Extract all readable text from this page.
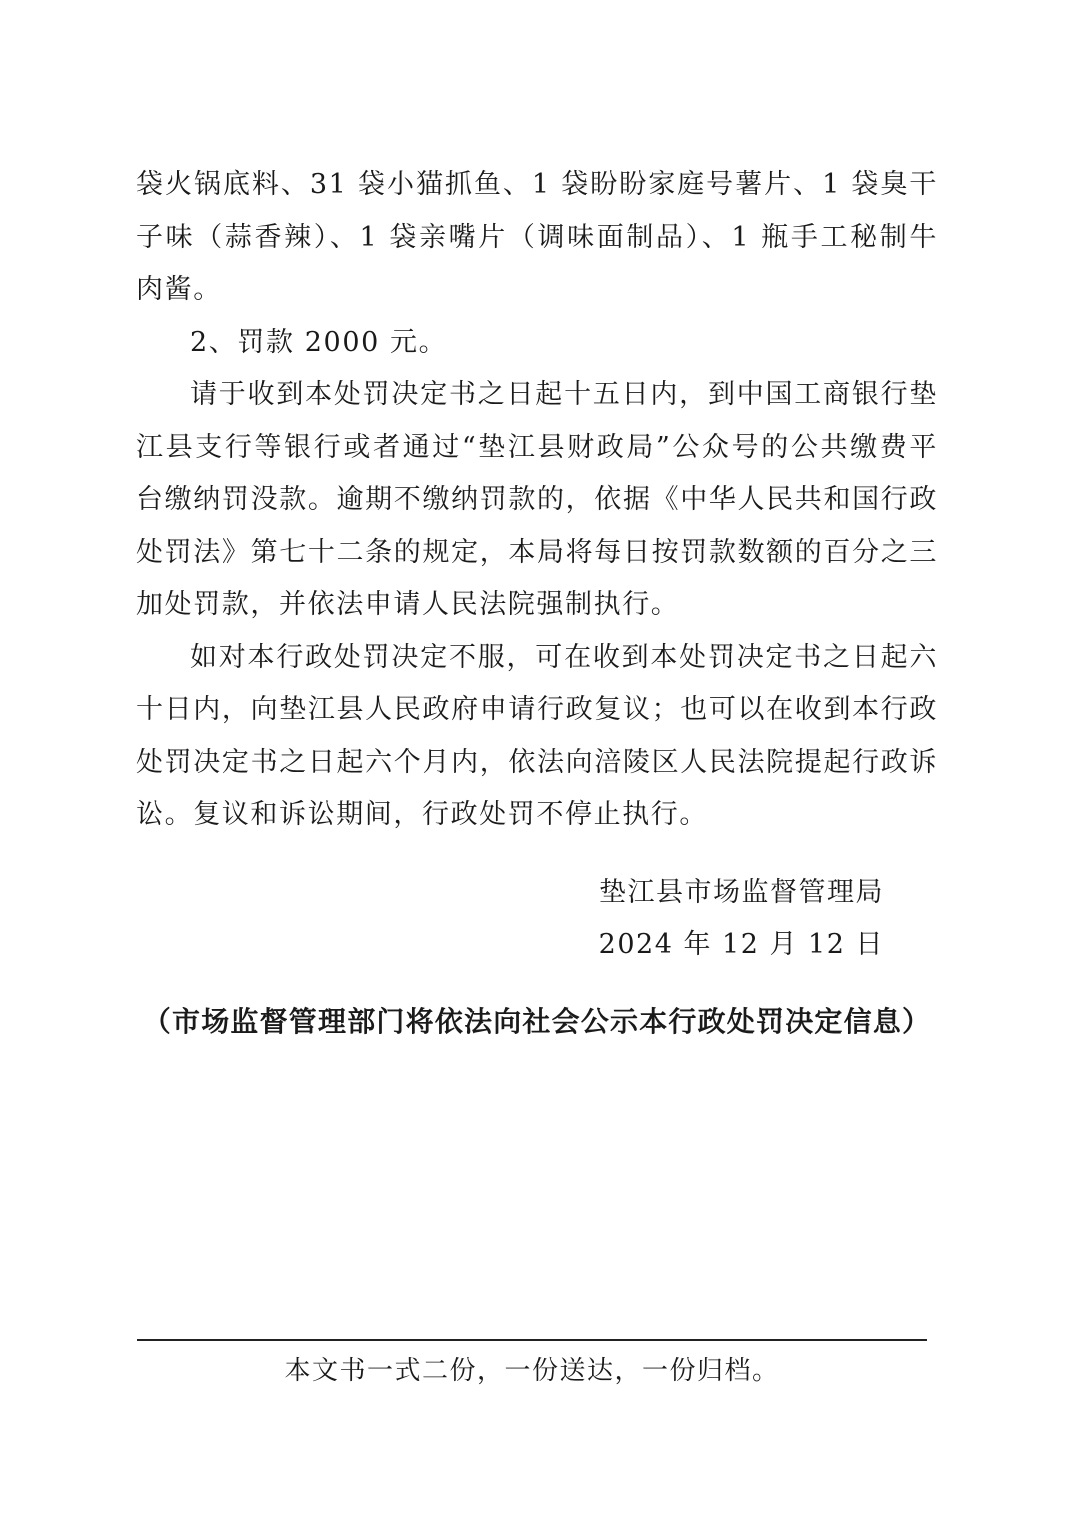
袋火锅底料、31 袋小猫抓鱼、1 袋盼盼家庭号薯片、1 袋臭干子味（蒜香辣）、1 袋亲嘴片（调味面制品）、1 瓶手工秘制牛肉酱。

2、罚款 2000 元。

请于收到本处罚决定书之日起十五日内，到中国工商银行垫江县支行等银行或者通过“垫江县财政局”公众号的公共缴费平台缴纳罚没款。逾期不缴纳罚款的，依据《中华人民共和国行政处罚法》第七十二条的规定，本局将每日按罚款数额的百分之三加处罚款，并依法申请人民法院强制执行。

如对本行政处罚决定不服，可在收到本处罚决定书之日起六十日内，向垫江县人民政府申请行政复议；也可以在收到本行政处罚决定书之日起六个月内，依法向涪陵区人民法院提起行政诉讼。复议和诉讼期间，行政处罚不停止执行。

垫江县市场监督管理局
2024 年 12 月 12 日
（市场监督管理部门将依法向社会公示本行政处罚决定信息）
本文书一式二份，一份送达，一份归档。
